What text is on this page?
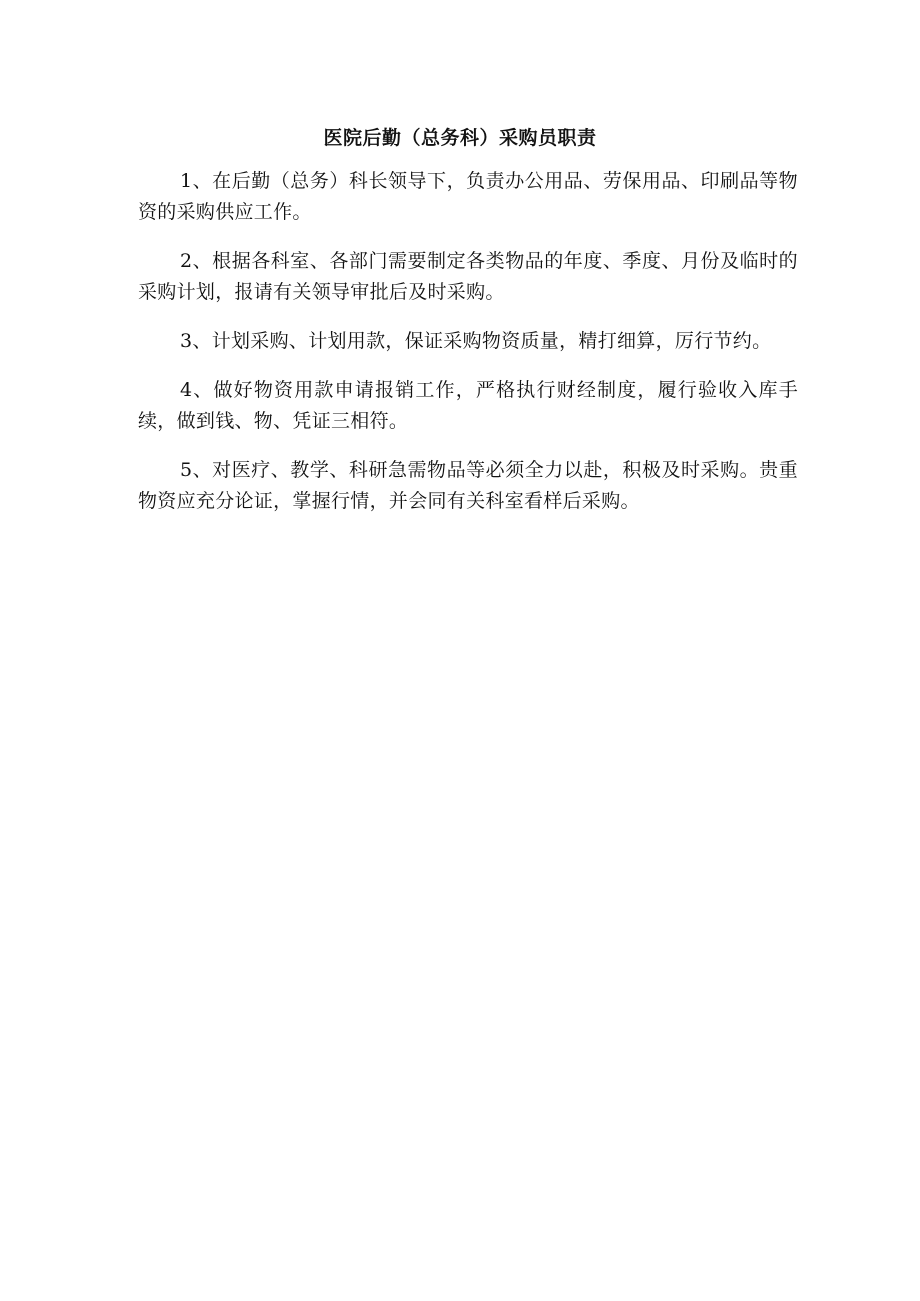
医院后勤（总务科）采购员职责

1、在后勤（总务）科长领导下，负责办公用品、劳保用品、印刷品等物资的采购供应工作。

2、根据各科室、各部门需要制定各类物品的年度、季度、月份及临时的采购计划，报请有关领导审批后及时采购。

3、计划采购、计划用款，保证采购物资质量，精打细算，厉行节约。

4、做好物资用款申请报销工作，严格执行财经制度，履行验收入库手续，做到钱、物、凭证三相符。

5、对医疗、教学、科研急需物品等必须全力以赴，积极及时采购。贵重物资应充分论证，掌握行情，并会同有关科室看样后采购。
